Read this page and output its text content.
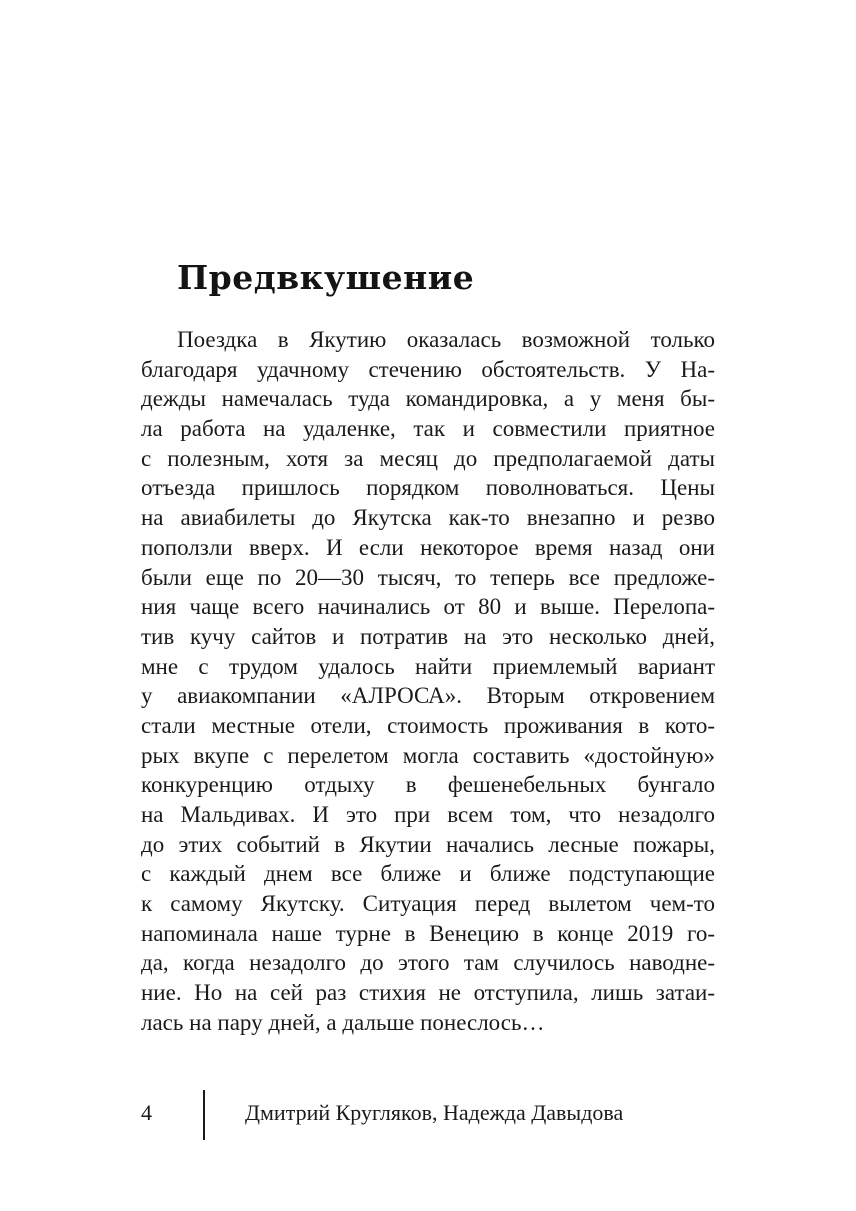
Предвкушение
Поездка в Якутию оказалась возможной только
благодаря удачному стечению обстоятельств. У На-
дежды намечалась туда командировка, а у меня бы-
ла работа на удаленке, так и совместили приятное
с полезным, хотя за месяц до предполагаемой даты
отъезда пришлось порядком поволноваться. Цены
на авиабилеты до Якутска как-то внезапно и резво
поползли вверх. И если некоторое время назад они
были еще по 20—30 тысяч, то теперь все предложе-
ния чаще всего начинались от 80 и выше. Перелопа-
тив кучу сайтов и потратив на это несколько дней,
мне с трудом удалось найти приемлемый вариант
у авиакомпании «АЛРОСА». Вторым откровением
стали местные отели, стоимость проживания в кото-
рых вкупе с перелетом могла составить «достойную»
конкуренцию отдыху в фешенебельных бунгало
на Мальдивах. И это при всем том, что незадолго
до этих событий в Якутии начались лесные пожары,
с каждый днем все ближе и ближе подступающие
к самому Якутску. Ситуация перед вылетом чем-то
напоминала наше турне в Венецию в конце 2019 го-
да, когда незадолго до этого там случилось наводне-
ние. Но на сей раз стихия не отступила, лишь затаи-
лась на пару дней, а дальше понеслось…
4	Дмитрий Кругляков, Надежда Давыдова
